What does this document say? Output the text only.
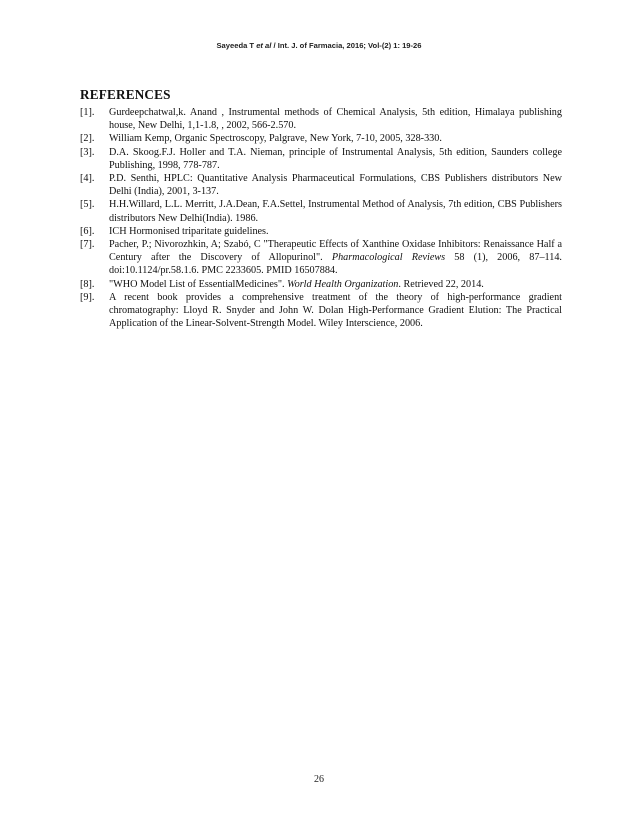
Sayeeda T et al / Int. J. of Farmacia, 2016; Vol-(2) 1: 19-26
REFERENCES
[1]. Gurdeepchatwal,k. Anand , Instrumental methods of Chemical Analysis, 5th edition, Himalaya publishing house, New Delhi, 1,1-1.8, , 2002, 566-2.570.
[2]. William Kemp, Organic Spectroscopy, Palgrave, New York, 7-10, 2005, 328-330.
[3]. D.A. Skoog.F.J. Holler and T.A. Nieman, principle of Instrumental Analysis, 5th edition, Saunders college Publishing, 1998, 778-787.
[4]. P.D. Senthi, HPLC: Quantitative Analysis Pharmaceutical Formulations, CBS Publishers distributors New Delhi (India), 2001, 3-137.
[5]. H.H.Willard, L.L. Merritt, J.A.Dean, F.A.Settel, Instrumental Method of Analysis, 7th edition, CBS Publishers distributors New Delhi(India). 1986.
[6]. ICH Hormonised triparitate guidelines.
[7]. Pacher, P.; Nivorozhkin, A; Szabó, C "Therapeutic Effects of Xanthine Oxidase Inhibitors: Renaissance Half a Century after the Discovery of Allopurinol". Pharmacological Reviews 58 (1), 2006, 87–114. doi:10.1124/pr.58.1.6. PMC 2233605. PMID 16507884.
[8]. "WHO Model List of EssentialMedicines". World Health Organization. Retrieved 22, 2014.
[9]. A recent book provides a comprehensive treatment of the theory of high-performance gradient chromatography: Lloyd R. Snyder and John W. Dolan High-Performance Gradient Elution: The Practical Application of the Linear-Solvent-Strength Model. Wiley Interscience, 2006.
26
